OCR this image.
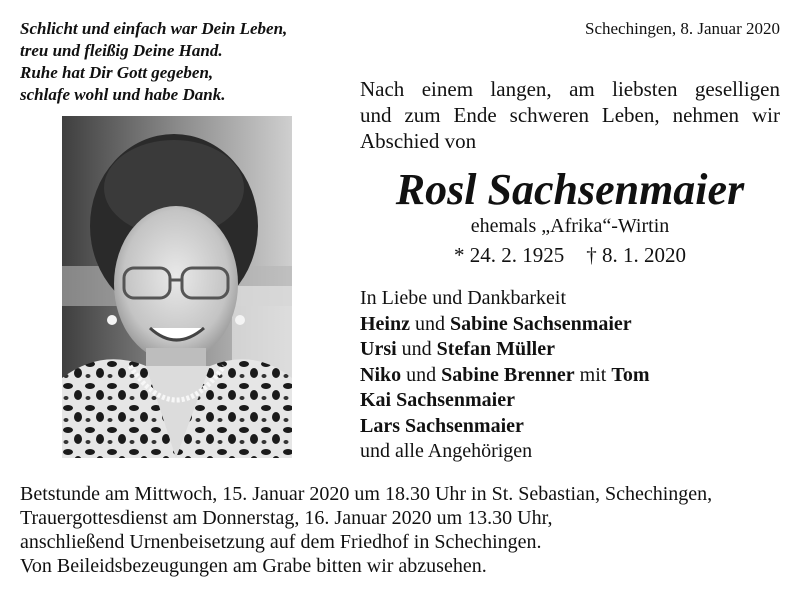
Schlicht und einfach war Dein Leben,
treu und fleißig Deine Hand.
Ruhe hat Dir Gott gegeben,
schlafe wohl und habe Dank.
Schechingen, 8. Januar 2020
Nach einem langen, am liebsten geselligen
und zum Ende schweren Leben, nehmen wir
Abschied von
Rosl Sachsenmaier
ehemals „Afrika“-Wirtin
* 24. 2. 1925 † 8. 1. 2020
In Liebe und Dankbarkeit
Heinz und Sabine Sachsenmaier
Ursi und Stefan Müller
Niko und Sabine Brenner mit Tom
Kai Sachsenmaier
Lars Sachsenmaier
und alle Angehörigen
Betstunde am Mittwoch, 15. Januar 2020 um 18.30 Uhr in St. Sebastian, Schechingen,
Trauergottesdienst am Donnerstag, 16. Januar 2020 um 13.30 Uhr,
anschließend Urnenbeisetzung auf dem Friedhof in Schechingen.
Von Beileidsbezeugungen am Grabe bitten wir abzusehen.
